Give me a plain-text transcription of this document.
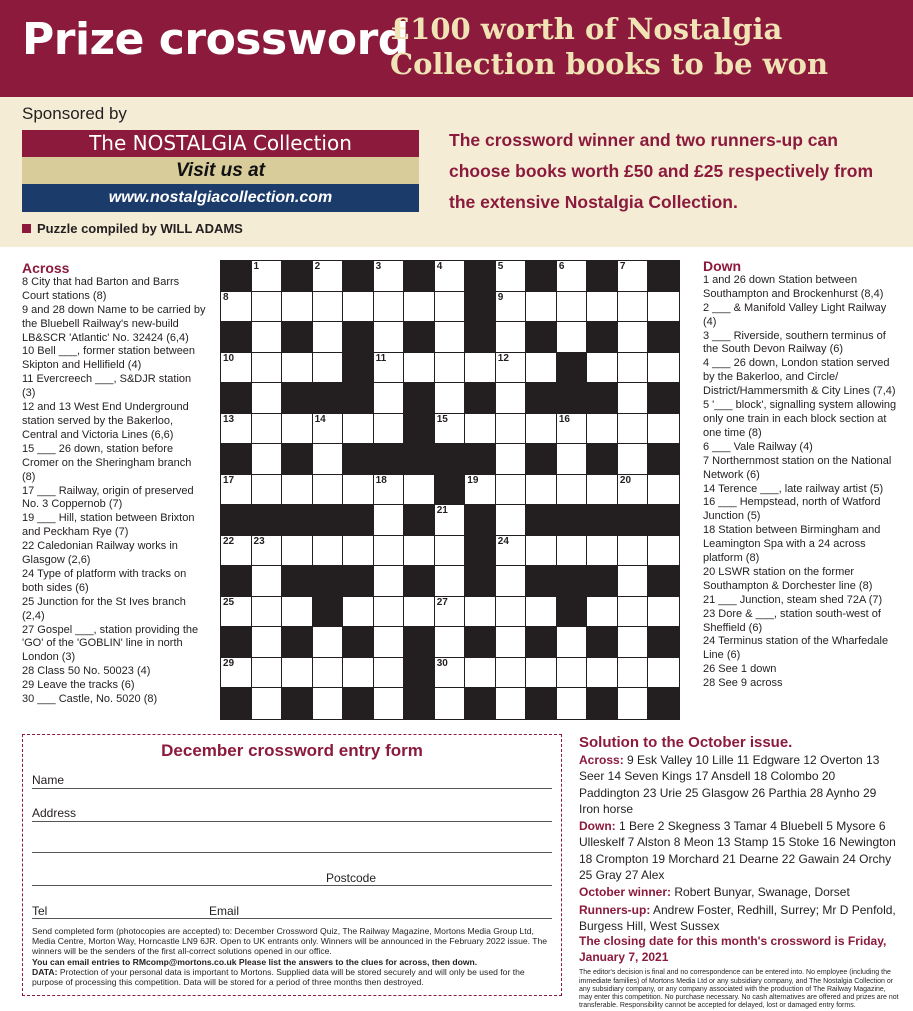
Prize crossword
£100 worth of Nostalgia
Collection books to be won
Sponsored by
The NOSTALGIA Collection
Visit us at
www.nostalgiacollection.com
The crossword winner and two runners-up can choose books worth £50 and £25 respectively from the extensive Nostalgia Collection.
Puzzle compiled by WILL ADAMS
Across

8 City that had Barton and Barrs Court stations (8)

9 and 28 down Name to be carried by the Bluebell Railway's new-build LB&SCR 'Atlantic' No. 32424 (6,4)

10 Bell ___, former station between Skipton and Hellifield (4)

11 Evercreech ___, S&DJR station (3)

12 and 13 West End Underground station served by the Bakerloo, Central and Victoria Lines (6,6)

15 ___ 26 down, station before Cromer on the Sheringham branch (8)

17 ___ Railway, origin of preserved No. 3 Coppernob (7)

19 ___ Hill, station between Brixton and Peckham Rye (7)

22 Caledonian Railway works in Glasgow (2,6)

24 Type of platform with tracks on both sides (6)

25 Junction for the St Ives branch (2,4)

27 Gospel ___, station providing the 'GO' of the 'GOBLIN' line in north London (3)

28 Class 50 No. 50023 (4)

29 Leave the tracks (6)

30 ___ Castle, No. 5020 (8)

1	2	3	4	5	6	7
8	9
10	11	12
13	14	15	16
17	18	19	20
21
22 23	24
25	26	27	28
29	30
Down

1 and 26 down Station between Southampton and Brockenhurst (8,4)

2 ___ & Manifold Valley Light Railway (4)

3 ___ Riverside, southern terminus of the South Devon Railway (6)

4 ___ 26 down, London station served by the Bakerloo, and Circle/ District/Hammersmith & City Lines (7,4)

5 '___ block', signalling system allowing only one train in each block section at one time (8)

6 ___ Vale Railway (4)

7 Northernmost station on the National Network (6)

14 Terence ___, late railway artist (5)

16 ___ Hempstead, north of Watford Junction (5)

18 Station between Birmingham and Leamington Spa with a 24 across platform (8)

20 LSWR station on the former Southampton & Dorchester line (8)

21 ___ Junction, steam shed 72A (7)

23 Dore & ___, station south-west of Sheffield (6)

24 Terminus station of the Wharfedale Line (6)

26 See 1 down

28 See 9 across

December crossword entry form
Name
Address
Postcode
Tel	Email
Send completed form (photocopies are accepted) to: December Crossword Quiz, The Railway Magazine, Mortons Media Group Ltd, Media Centre, Morton Way, Horncastle LN9 6JR. Open to UK entrants only. Winners will be announced in the February 2022 issue. The winners will be the senders of the first all-correct solutions opened in our office.
You can email entries to RMcomp@mortons.co.uk Please list the answers to the clues for across, then down.
DATA: Protection of your personal data is important to Mortons. Supplied data will be stored securely and will only be used for the purpose of processing this competition. Data will be stored for a period of three months then destroyed.
Solution to the October issue.
Across: 9 Esk Valley 10 Lille 11 Edgware 12 Overton 13 Seer 14 Seven Kings 17 Ansdell 18 Colombo 20 Paddington 23 Urie 25 Glasgow 26 Parthia 28 Aynho 29 Iron horse
Down: 1 Bere 2 Skegness 3 Tamar 4 Bluebell 5 Mysore 6 Ulleskelf 7 Alston 8 Meon 13 Stamp 15 Stoke 16 Newington 18 Crompton 19 Morchard 21 Dearne 22 Gawain 24 Orchy 25 Gray 27 Alex
October winner: Robert Bunyar, Swanage, Dorset
Runners-up: Andrew Foster, Redhill, Surrey; Mr D Penfold, Burgess Hill, West Sussex
The closing date for this month's crossword is Friday, January 7, 2021
The editor's decision is final and no correspondence can be entered into. No employee (including the immediate families) of Mortons Media Ltd or any subsidiary company, and The Nostalgia Collection or any subsidiary company, or any company associated with the production of The Railway Magazine, may enter this competition. No purchase necessary. No cash alternatives are offered and prizes are not transferable. Responsibility cannot be accepted for delayed, lost or damaged entry forms.
